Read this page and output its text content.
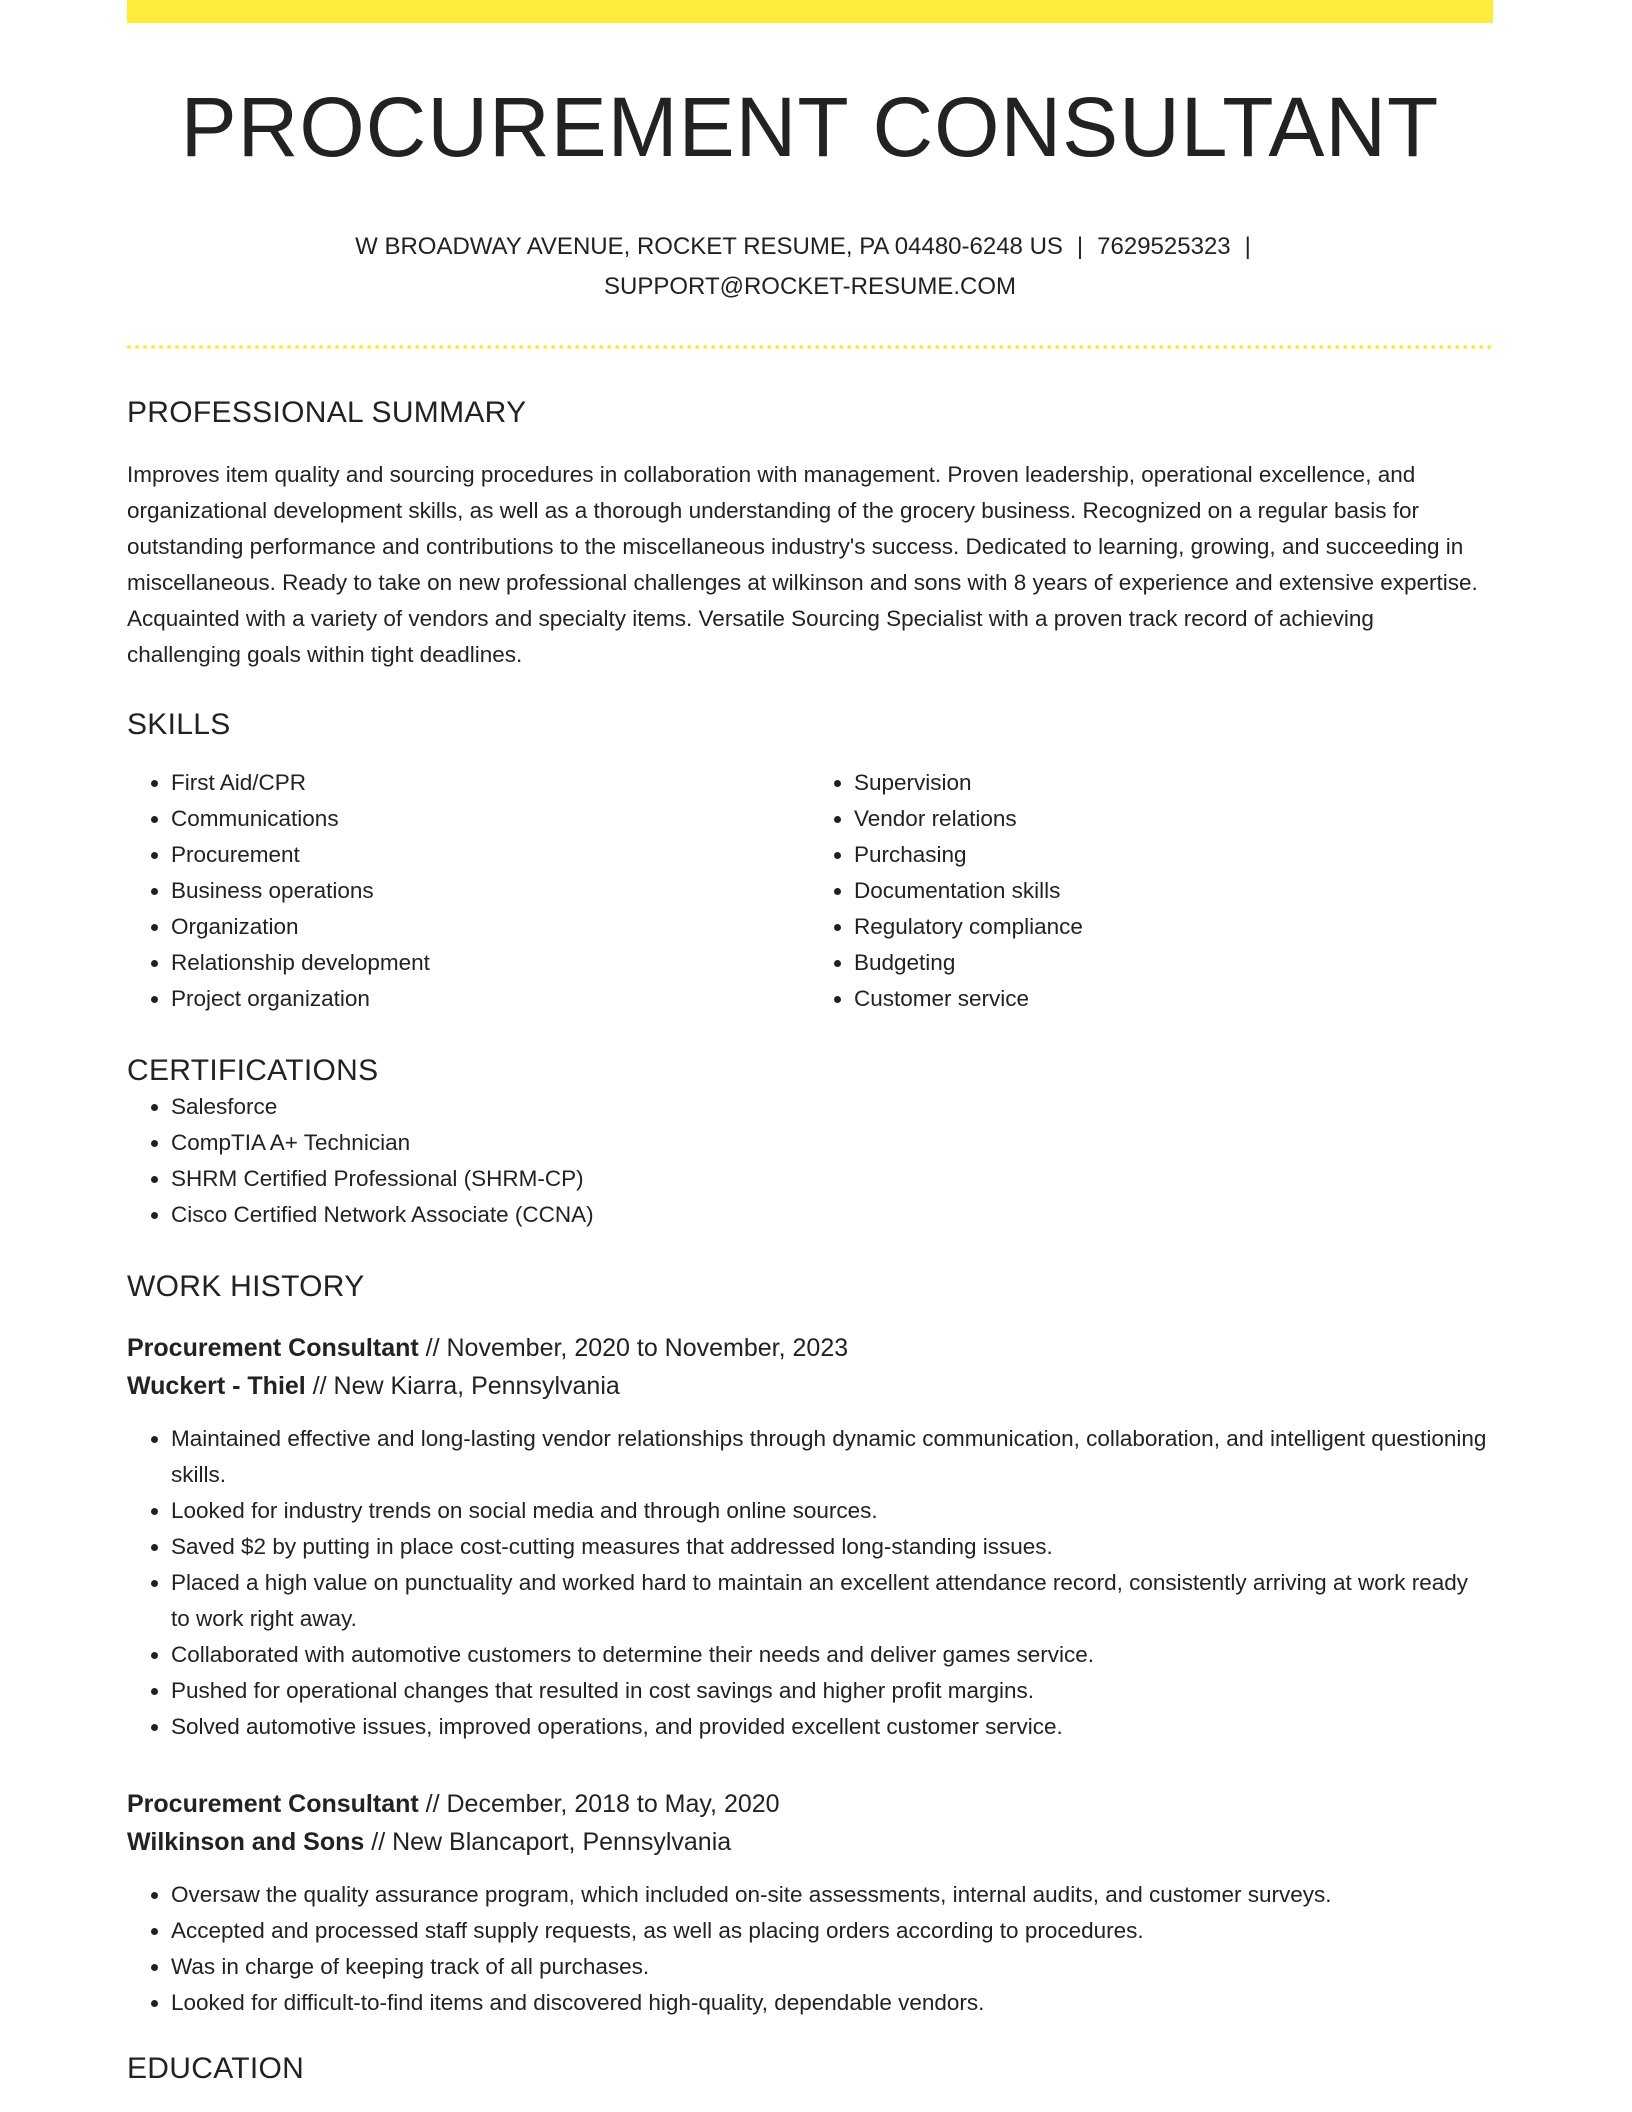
PROCUREMENT CONSULTANT
W BROADWAY AVENUE, ROCKET RESUME, PA 04480-6248 US | 7629525323 |
SUPPORT@ROCKET-RESUME.COM
PROFESSIONAL SUMMARY
Improves item quality and sourcing procedures in collaboration with management. Proven leadership, operational excellence, and organizational development skills, as well as a thorough understanding of the grocery business. Recognized on a regular basis for outstanding performance and contributions to the miscellaneous industry's success. Dedicated to learning, growing, and succeeding in miscellaneous. Ready to take on new professional challenges at wilkinson and sons with 8 years of experience and extensive expertise. Acquainted with a variety of vendors and specialty items. Versatile Sourcing Specialist with a proven track record of achieving challenging goals within tight deadlines.
SKILLS
• First Aid/CPR
• Communications
• Procurement
• Business operations
• Organization
• Relationship development
• Project organization
• Supervision
• Vendor relations
• Purchasing
• Documentation skills
• Regulatory compliance
• Budgeting
• Customer service
CERTIFICATIONS
• Salesforce
• CompTIA A+ Technician
• SHRM Certified Professional (SHRM-CP)
• Cisco Certified Network Associate (CCNA)
WORK HISTORY
Procurement Consultant // November, 2020 to November, 2023
Wuckert - Thiel // New Kiarra, Pennsylvania
• Maintained effective and long-lasting vendor relationships through dynamic communication, collaboration, and intelligent questioning skills.
• Looked for industry trends on social media and through online sources.
• Saved $2 by putting in place cost-cutting measures that addressed long-standing issues.
• Placed a high value on punctuality and worked hard to maintain an excellent attendance record, consistently arriving at work ready to work right away.
• Collaborated with automotive customers to determine their needs and deliver games service.
• Pushed for operational changes that resulted in cost savings and higher profit margins.
• Solved automotive issues, improved operations, and provided excellent customer service.
Procurement Consultant // December, 2018 to May, 2020
Wilkinson and Sons // New Blancaport, Pennsylvania
• Oversaw the quality assurance program, which included on-site assessments, internal audits, and customer surveys.
• Accepted and processed staff supply requests, as well as placing orders according to procedures.
• Was in charge of keeping track of all purchases.
• Looked for difficult-to-find items and discovered high-quality, dependable vendors.
EDUCATION
